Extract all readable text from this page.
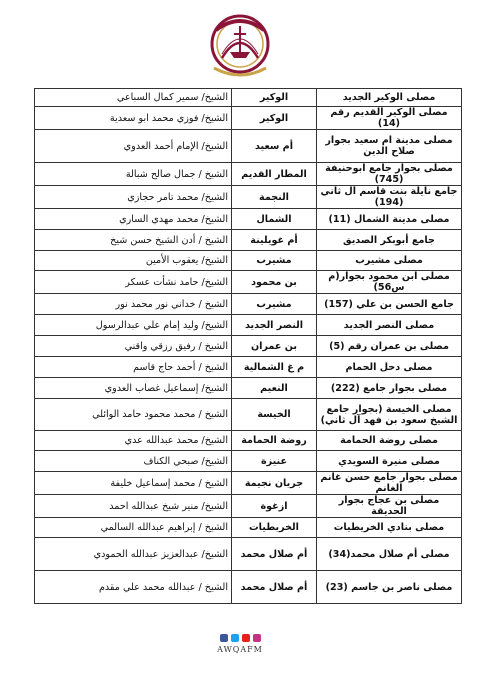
مصلى الوكير الجديد	الوكير	الشيخ/ سمير كمال السباعي
مصلى الوكير القديم رقم (14)	الوكير	الشيخ/ فوزي محمد ابو سعدية
مصلى مدينة ام سعيد بجوار صلاح الدين	أم سعيد	الشيخ/ الإمام أحمد العدوي
مصلى بجوار جامع ابوحنيفة (745)	المطار القديم	الشيخ / جمال صالح شبالة
جامع نايلة بنت قاسم آل ثاني (194)	النجمة	الشيخ/ محمد تامر حجازي
مصلى مدينة الشمال (11)	الشمال	الشيخ/ محمد مهدي الساري
جامع أبوبكر الصديق	أم غويلينة	الشيخ / أدن الشيخ حسن شيخ
مصلى مشيرب	مشيرب	الشيخ/ يعقوب الأمين
مصلى ابن محمود بجوار(م س56)	بن محمود	الشيخ/ حامد نشأت عسكر
جامع الحسن بن علي (157)	مشيرب	الشيخ / خداني نور محمد نور
مصلى النصر الجديد	النصر الجديد	الشيخ/ وليد إمام علي عبدالرسول
مصلى بن عمران رقم (5)	بن عمران	الشيخ / رفيق رزقي واقني
مصلى دحل الحمام	م غ الشمالية	الشيخ / أحمد حاج قاسم
مصلى بجوار جامع (222)	النعيم	الشيخ/ إسماعيل غصاب العدوي
مصلى الخيسة (بجوار جامع الشيخ سعود بن فهد آل ثاني)	الخيسة	الشيخ / محمد محمود حامد الوائلي
مصلى روضة الحمامة	روضة الحمامة	الشيخ/ محمد عبدالله عدي
مصلى منيرة السويدي	عنيزة	الشيخ/ صبحي الكناف
مصلى بجوار جامع حسن غانم الغانم	جريان نجيمة	الشيخ / محمد إسماعيل خليفة
مصلى بن عجاج بجوار الحديقة	ازغوة	الشيخ/ منير شيخ عبدالله احمد
مصلى بنادي الخريطيات	الخريطيات	الشيخ / إبراهيم عبدالله السالمي
مصلى أم صلال محمد(34)	أم صلال محمد	الشيخ/ عبدالعزيز عبدالله الحمودي
مصلى ناصر بن جاسم (23)	أم صلال محمد	الشيخ / عبدالله محمد علي مقدم
AWQAFM
